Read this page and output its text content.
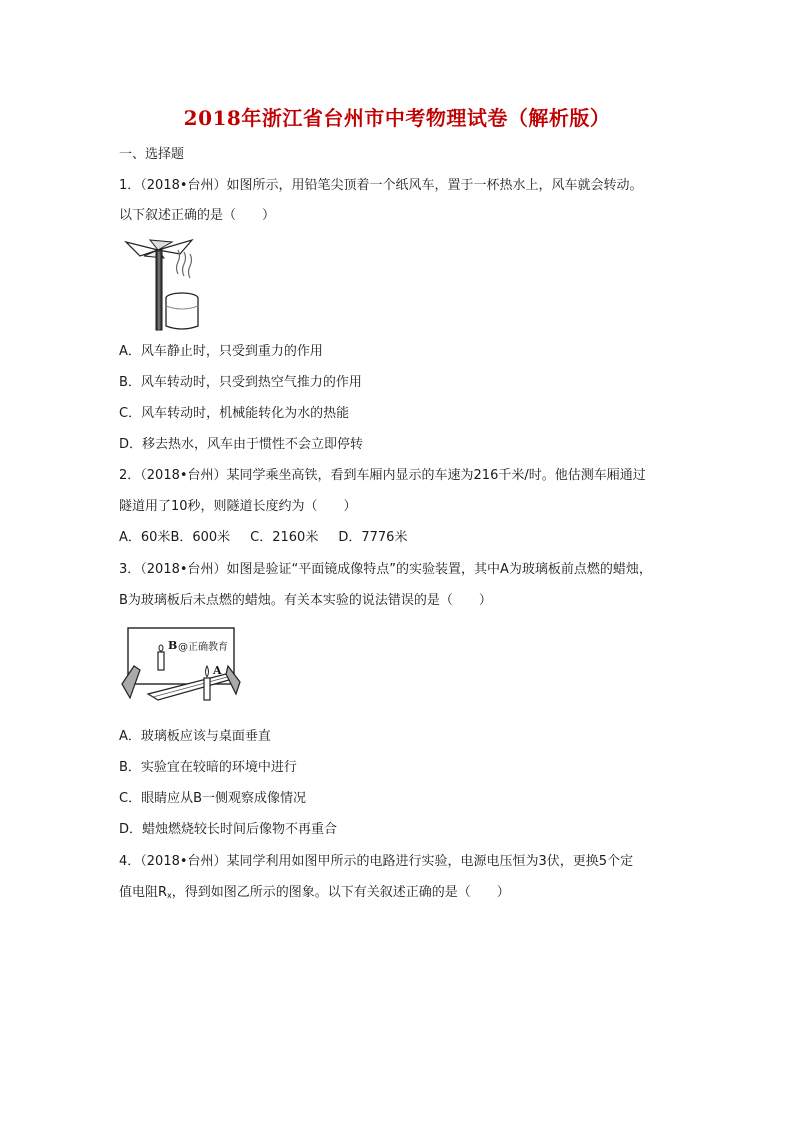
2018年浙江省台州市中考物理试卷（解析版）
一、选择题
1．（2018•台州）如图所示，用铅笔尖顶着一个纸风车，置于一杯热水上，风车就会转动。
以下叙述正确的是（　　）
A．风车静止时，只受到重力的作用
B．风车转动时，只受到热空气推力的作用
C．风车转动时，机械能转化为水的热能
D．移去热水，风车由于惯性不会立即停转
2．（2018•台州）某同学乘坐高铁，看到车厢内显示的车速为216千米/时。他估测车厢通过
隧道用了10秒，则隧道长度约为（　　）
A．60米B．600米 C．2160米 D．7776米
3．（2018•台州）如图是验证“平面镜成像特点”的实验装置，其中A为玻璃板前点燃的蜡烛，
B为玻璃板后未点燃的蜡烛。有关本实验的说法错误的是（　　）
B @正确教育
A
A．玻璃板应该与桌面垂直
B．实验宜在较暗的环境中进行
C．眼睛应从B一侧观察成像情况
D．蜡烛燃烧较长时间后像物不再重合
4．（2018•台州）某同学利用如图甲所示的电路进行实验，电源电压恒为3伏，更换5个定
值电阻$R_x$，得到如图乙所示的图象。以下有关叙述正确的是（　　）
